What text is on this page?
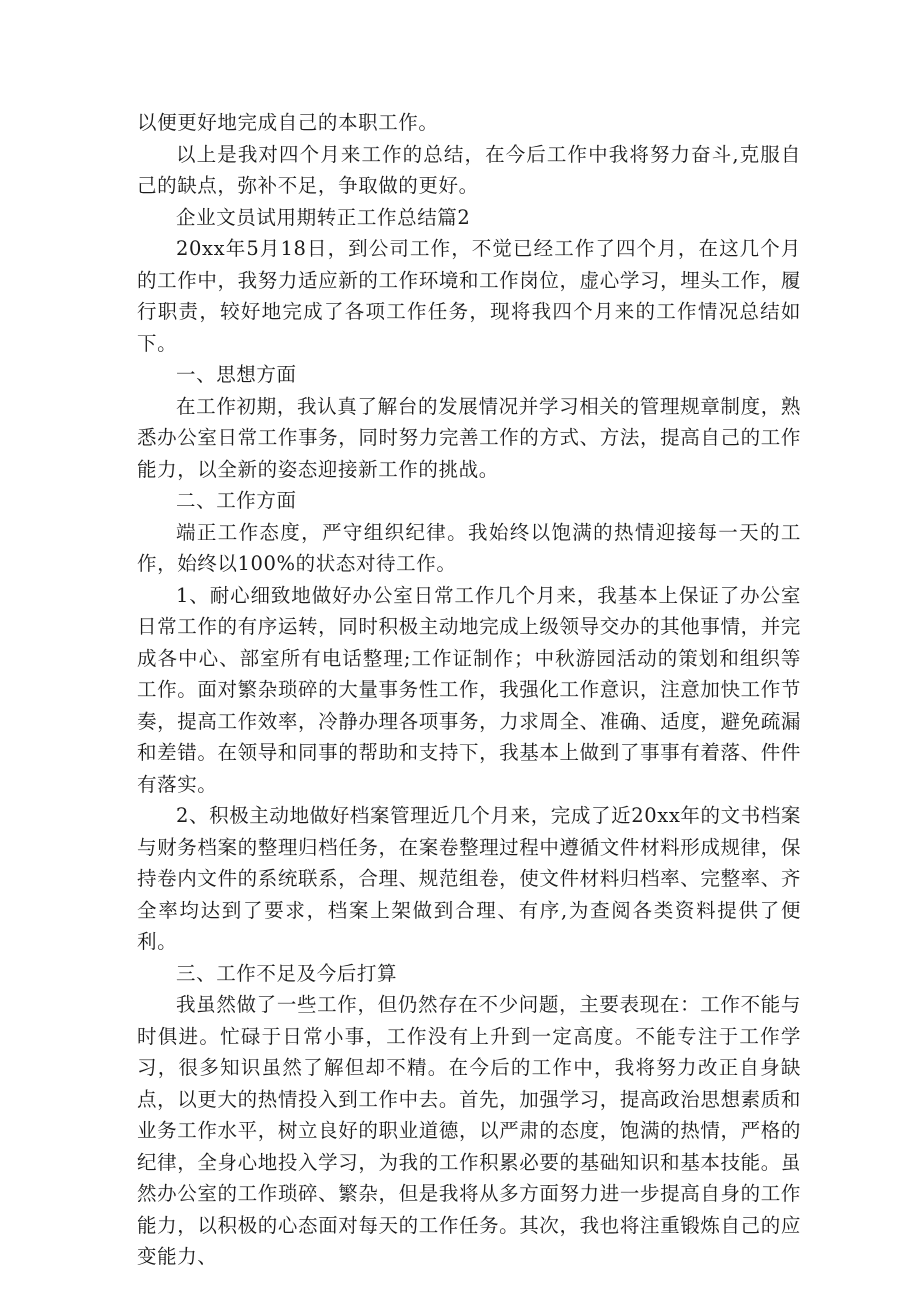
以便更好地完成自己的本职工作。

以上是我对四个月来工作的总结，在今后工作中我将努力奋斗,克服自己的缺点，弥补不足，争取做的更好。

企业文员试用期转正工作总结篇2

20xx年5月18日，到公司工作，不觉已经工作了四个月，在这几个月的工作中，我努力适应新的工作环境和工作岗位，虚心学习，埋头工作，履行职责，较好地完成了各项工作任务，现将我四个月来的工作情况总结如下。

一、思想方面

在工作初期，我认真了解台的发展情况并学习相关的管理规章制度，熟悉办公室日常工作事务，同时努力完善工作的方式、方法，提高自己的工作能力，以全新的姿态迎接新工作的挑战。

二、工作方面

端正工作态度，严守组织纪律。我始终以饱满的热情迎接每一天的工作，始终以100%的状态对待工作。

1、耐心细致地做好办公室日常工作几个月来，我基本上保证了办公室日常工作的有序运转，同时积极主动地完成上级领导交办的其他事情，并完成各中心、部室所有电话整理;工作证制作；中秋游园活动的策划和组织等工作。面对繁杂琐碎的大量事务性工作，我强化工作意识，注意加快工作节奏，提高工作效率，冷静办理各项事务，力求周全、准确、适度，避免疏漏和差错。在领导和同事的帮助和支持下，我基本上做到了事事有着落、件件有落实。

2、积极主动地做好档案管理近几个月来，完成了近20xx年的文书档案与财务档案的整理归档任务，在案卷整理过程中遵循文件材料形成规律，保持卷内文件的系统联系，合理、规范组卷，使文件材料归档率、完整率、齐全率均达到了要求，档案上架做到合理、有序,为查阅各类资料提供了便利。

三、工作不足及今后打算

我虽然做了一些工作，但仍然存在不少问题，主要表现在：工作不能与时俱进。忙碌于日常小事，工作没有上升到一定高度。不能专注于工作学习，很多知识虽然了解但却不精。在今后的工作中，我将努力改正自身缺点，以更大的热情投入到工作中去。首先，加强学习，提高政治思想素质和业务工作水平，树立良好的职业道德，以严肃的态度，饱满的热情，严格的纪律，全身心地投入学习，为我的工作积累必要的基础知识和基本技能。虽然办公室的工作琐碎、繁杂，但是我将从多方面努力进一步提高自身的工作能力，以积极的心态面对每天的工作任务。其次，我也将注重锻炼自己的应变能力、
